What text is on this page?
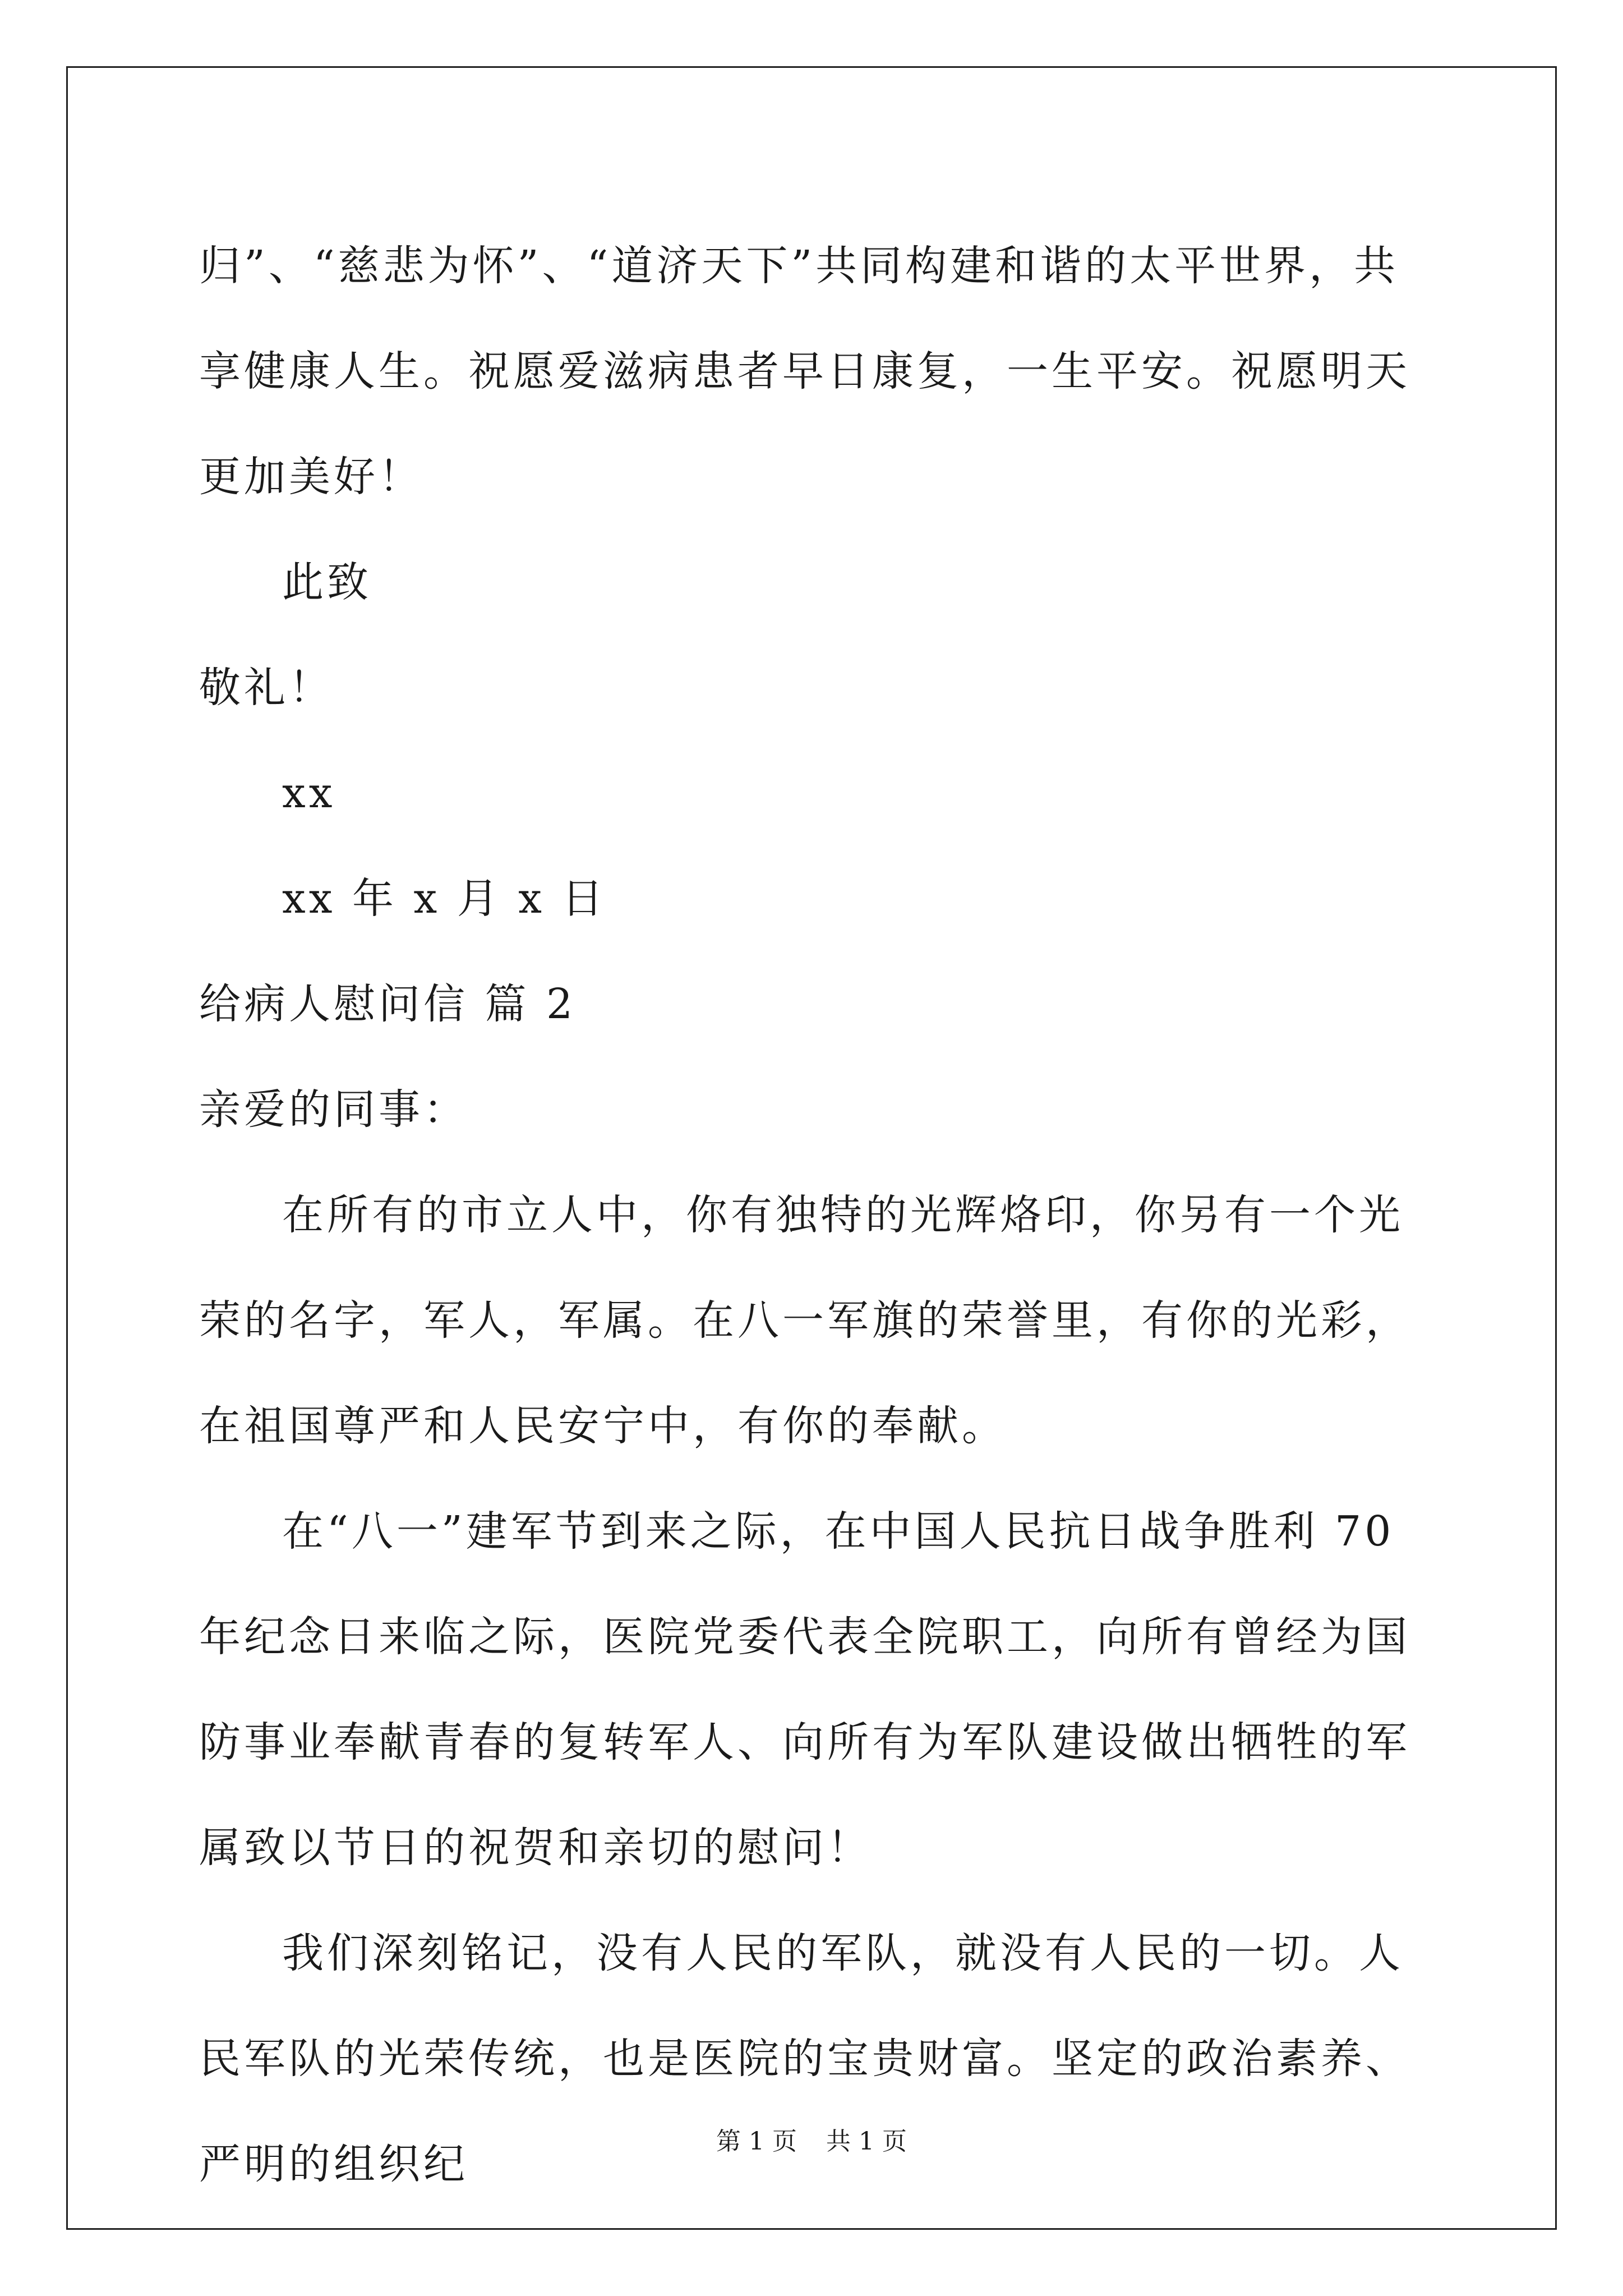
归”、“慈悲为怀”、“道济天下”共同构建和谐的太平世界，共享健康人生。祝愿爱滋病患者早日康复，一生平安。祝愿明天更加美好！

此致

敬礼！

xx

xx 年 x 月 x 日

给病人慰问信 篇 2

亲爱的同事：

在所有的市立人中，你有独特的光辉烙印，你另有一个光荣的名字，军人，军属。在八一军旗的荣誉里，有你的光彩，在祖国尊严和人民安宁中，有你的奉献。

在“八一”建军节到来之际，在中国人民抗日战争胜利 70 年纪念日来临之际，医院党委代表全院职工，向所有曾经为国防事业奉献青春的复转军人、向所有为军队建设做出牺牲的军属致以节日的祝贺和亲切的慰问！

我们深刻铭记，没有人民的军队，就没有人民的一切。人民军队的光荣传统，也是医院的宝贵财富。坚定的政治素养、严明的组织纪	第 1 页 共 1 页
